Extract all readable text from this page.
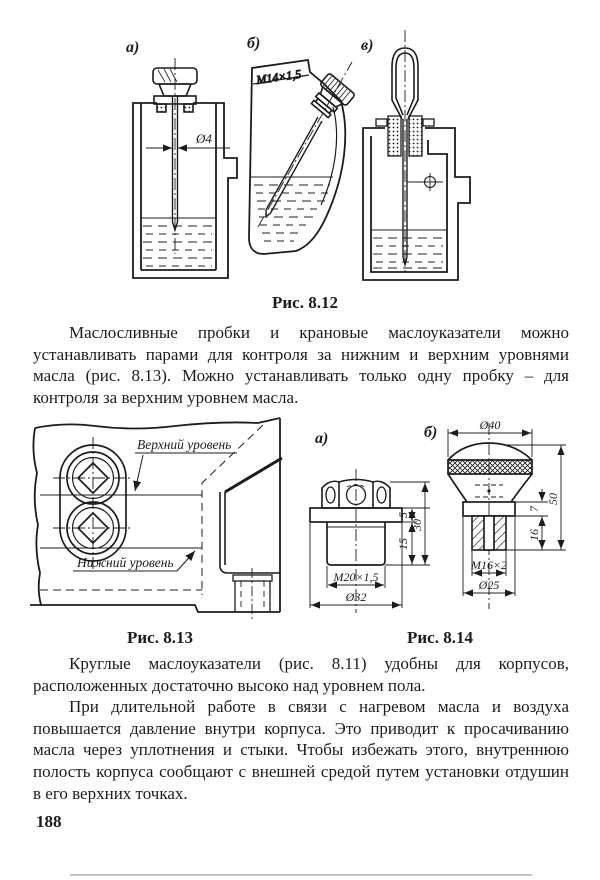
а)
Ø4
б)
M14×1,5
в)
Рис. 8.12

Маслосливные пробки и крановые маслоуказатели можно устанавливать парами для контроля за нижним и верхним уровнями масла (рис. 8.13). Можно устанавливать только одну пробку – для контроля за верхним уровнем масла.

Верхний уровень
Нижний уровень
а)
M20×1,5
Ø32
5
15
30
б)	Ø40
7
16
50
M16×2
Ø25
Рис. 8.13	Рис. 8.14

Круглые маслоуказатели (рис. 8.11) удобны для корпусов, расположенных достаточно высоко над уровнем пола.

При длительной работе в связи с нагревом масла и воздуха повышается давление внутри корпуса. Это приводит к просачиванию масла через уплотнения и стыки. Чтобы избежать этого, внутреннюю полость корпуса сообщают с внешней средой путем установки отдушин в его верхних точках.

188
